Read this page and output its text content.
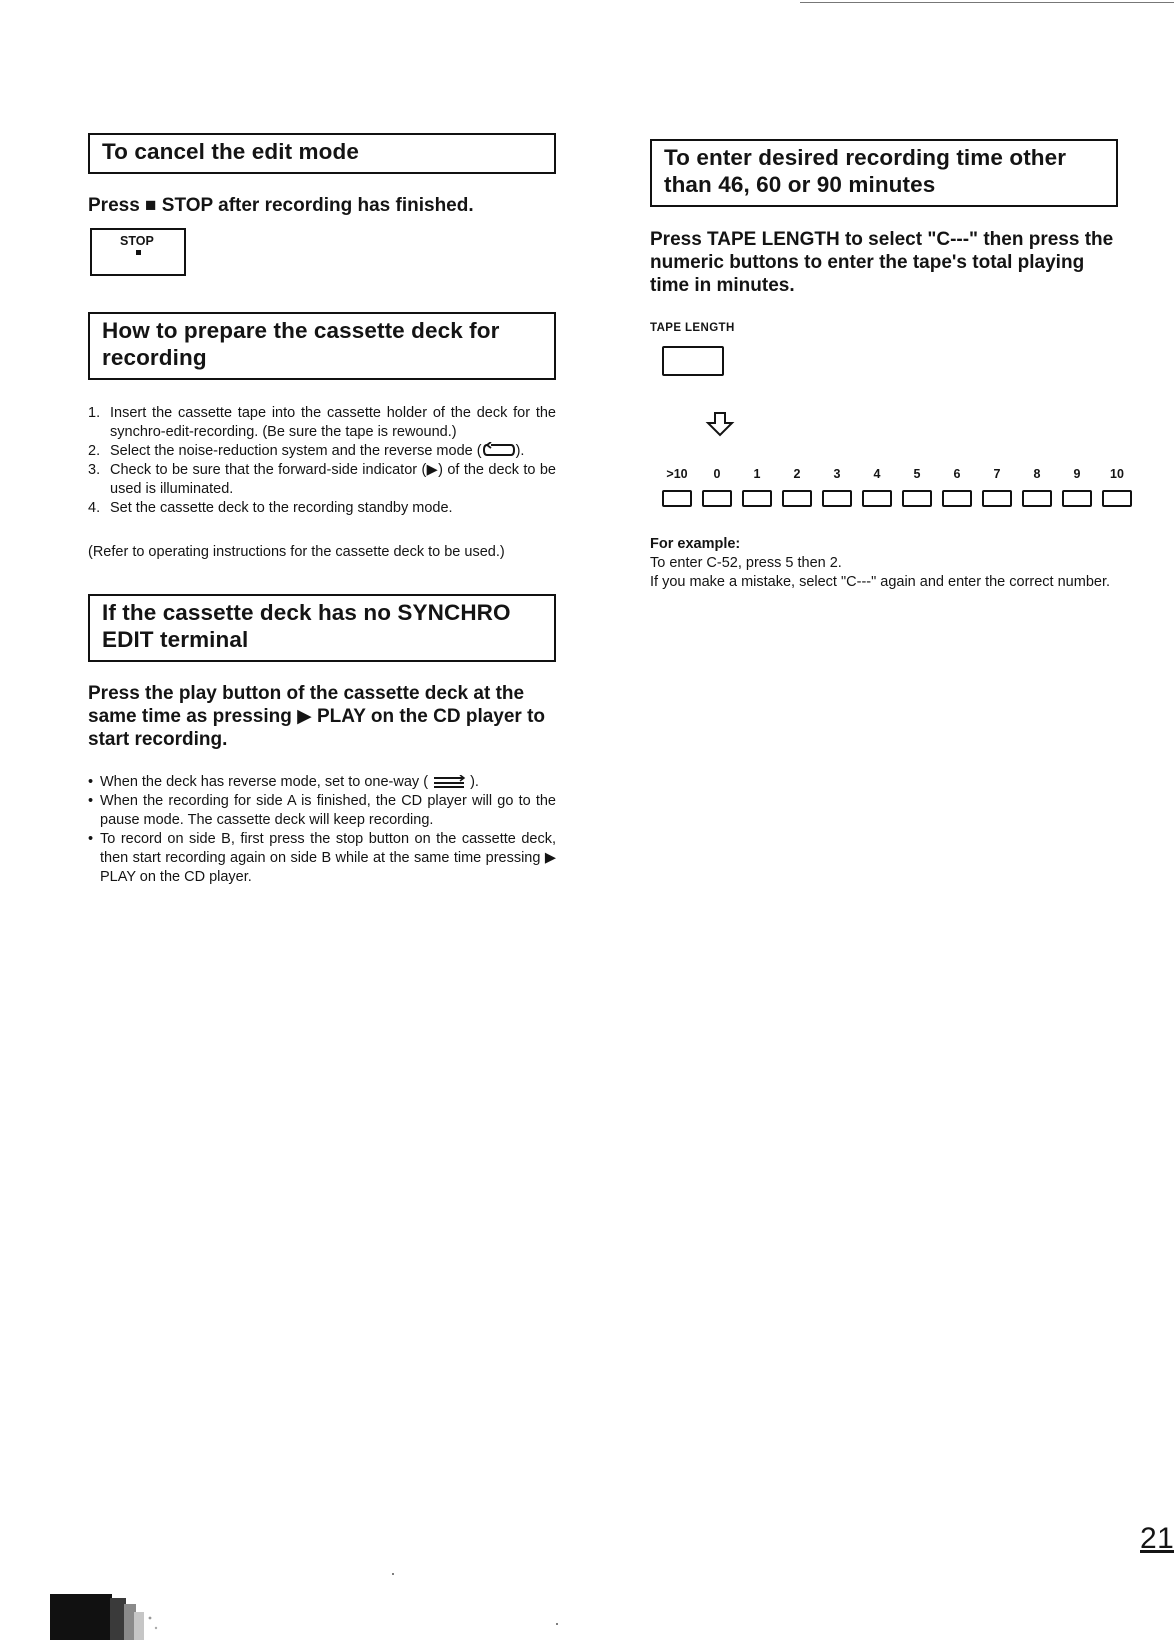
To cancel the edit mode
Press ■ STOP after recording has finished.
STOP
How to prepare the cassette deck for
recording
1. Insert the cassette tape into the cassette holder of the deck for the synchro-edit-recording. (Be sure the tape is rewound.)
2. Select the noise-reduction system and the reverse mode ( ).
3. Check to be sure that the forward-side indicator (▶) of the deck to be used is illuminated.
4. Set the cassette deck to the recording standby mode.
(Refer to operating instructions for the cassette deck to be used.)
If the cassette deck has no SYNCHRO
EDIT terminal
Press the play button of the cassette deck at the same time as pressing ▶ PLAY on the CD player to start recording.
• When the deck has reverse mode, set to one-way (	).
• When the recording for side A is finished, the CD player will go to the pause mode. The cassette deck will keep recording.
• To record on side B, first press the stop button on the cassette deck, then start recording again on side B while at the same time pressing ▶ PLAY on the CD player.
To enter desired recording time other
than 46, 60 or 90 minutes
Press TAPE LENGTH to select "C---" then press the numeric buttons to enter the tape's total playing time in minutes.
TAPE LENGTH
>10	0	1	2	3	4	5	6	7	8	9	10
For example:
To enter C-52, press 5 then 2.
If you make a mistake, select "C---" again and enter the correct number.
21
